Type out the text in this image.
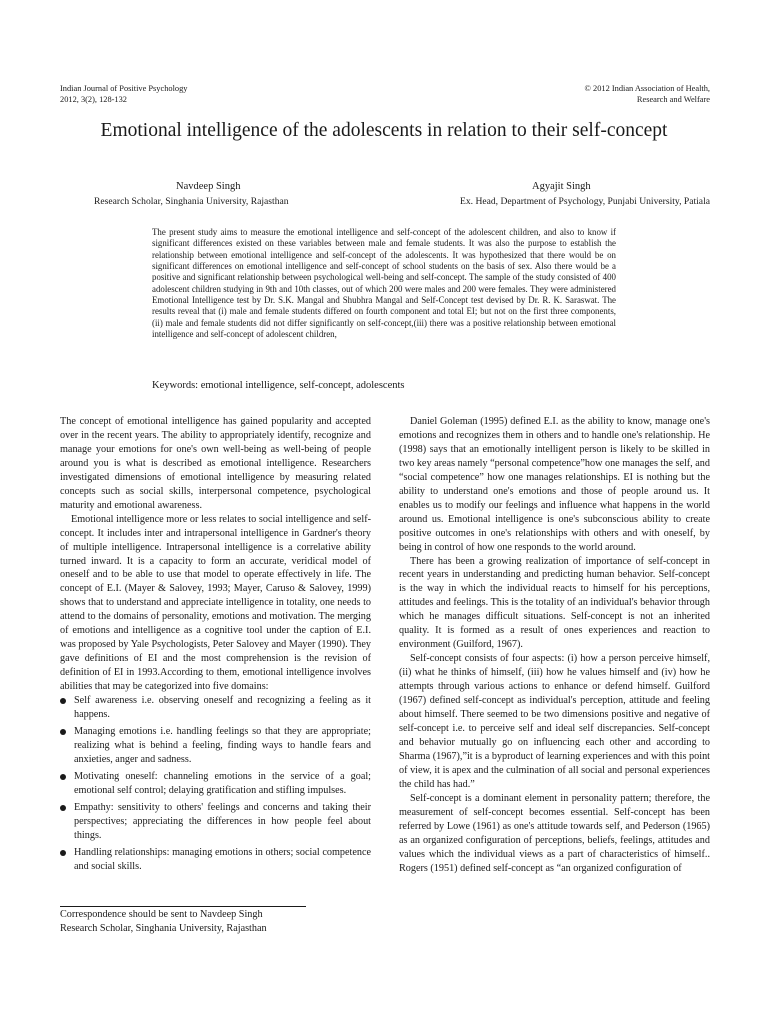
Indian Journal of Positive Psychology
2012, 3(2), 128-132
© 2012 Indian Association of Health,
Research and Welfare
Emotional intelligence of the adolescents in relation to their self-concept
Navdeep Singh
Research Scholar, Singhania University, Rajasthan
Agyajit Singh
Ex. Head, Department of Psychology, Punjabi University, Patiala

The present study aims to measure the emotional intelligence and self-concept of the adolescent children, and also to know if significant differences existed on these variables between male and female students. It was also the purpose to establish the relationship between emotional intelligence and self-concept of the adolescents. It was hypothesized that there would be on significant differences on emotional intelligence and self-concept of school students on the basis of sex. Also there would be a positive and significant relationship between psychological well-being and self-concept. The sample of the study consisted of 400 adolescent children studying in 9th and 10th classes, out of which 200 were males and 200 were females. They were administered Emotional Intelligence test by Dr. S.K. Mangal and Shubhra Mangal and Self-Concept test devised by Dr. R. K. Saraswat. The results reveal that (i) male and female students differed on fourth component and total EI; but not on the first three components, (ii) male and female students did not differ significantly on self-concept,(iii) there was a positive relationship between emotional intelligence and self-concept of adolescent children,

Keywords: emotional intelligence, self-concept, adolescents

The concept of emotional intelligence has gained popularity and accepted over in the recent years. The ability to appropriately identify, recognize and manage your emotions for one's own well-being as well-being of people around you is what is described as emotional intelligence. Researchers investigated dimensions of emotional intelligence by measuring related concepts such as social skills, interpersonal competence, psychological maturity and emotional awareness.

Emotional intelligence more or less relates to social intelligence and self-concept. It includes inter and intrapersonal intelligence in Gardner's theory of multiple intelligence. Intrapersonal intelligence is a correlative ability turned inward. It is a capacity to form an accurate, veridical model of oneself and to be able to use that model to operate effectively in life. The concept of E.I. (Mayer & Salovey, 1993; Mayer, Caruso & Salovey, 1999) shows that to understand and appreciate intelligence in totality, one needs to attend to the domains of personality, emotions and motivation. The merging of emotions and intelligence as a cognitive tool under the caption of E.I. was proposed by Yale Psychologists, Peter Salovey and Mayer (1990). They gave definitions of EI and the most comprehension is the revision of definition of EI in 1993.According to them, emotional intelligence involves abilities that may be categorized into five domains:

Self awareness i.e. observing oneself and recognizing a feeling as it happens.
Managing emotions i.e. handling feelings so that they are appropriate; realizing what is behind a feeling, finding ways to handle fears and anxieties, anger and sadness.
Motivating oneself: channeling emotions in the service of a goal; emotional self control; delaying gratification and stifling impulses.
Empathy: sensitivity to others' feelings and concerns and taking their perspectives; appreciating the differences in how people feel about things.
Handling relationships: managing emotions in others; social competence and social skills.
Correspondence should be sent to Navdeep Singh
Research Scholar, Singhania University, Rajasthan

Daniel Goleman (1995) defined E.I. as the ability to know, manage one's emotions and recognizes them in others and to handle one's relationship. He (1998) says that an emotionally intelligent person is likely to be skilled in two key areas namely “personal competence”how one manages the self, and “social competence” how one manages relationships. EI is nothing but the ability to understand one's emotions and those of people around us. It enables us to modify our feelings and influence what happens in the world around us. Emotional intelligence is one's subconscious ability to create positive outcomes in one's relationships with others and with oneself, by being in control of how one responds to the world around.

There has been a growing realization of importance of self-concept in recent years in understanding and predicting human behavior. Self-concept is the way in which the individual reacts to himself for his perceptions, attitudes and feelings. This is the totality of an individual's behavior through which he manages difficult situations. Self-concept is not an inherited quality. It is formed as a result of ones experiences and reaction to environment (Guilford, 1967).

Self-concept consists of four aspects: (i) how a person perceive himself, (ii) what he thinks of himself, (iii) how he values himself and (iv) how he attempts through various actions to enhance or defend himself. Guilford (1967) defined self-concept as individual's perception, attitude and feeling about himself. There seemed to be two dimensions positive and negative of self-concept i.e. to perceive self and ideal self discrepancies. Self-concept and behavior mutually go on influencing each other and according to Sharma (1967),”it is a byproduct of learning experiences and with this point of view, it is apex and the culmination of all social and personal experiences the child has had.”

Self-concept is a dominant element in personality pattern; therefore, the measurement of self-concept becomes essential. Self-concept has been referred by Lowe (1961) as one's attitude towards self, and Pederson (1965) as an organized configuration of perceptions, beliefs, feelings, attitudes and values which the individual views as a part of characteristics of himself.. Rogers (1951) defined self-concept as “an organized configuration of
